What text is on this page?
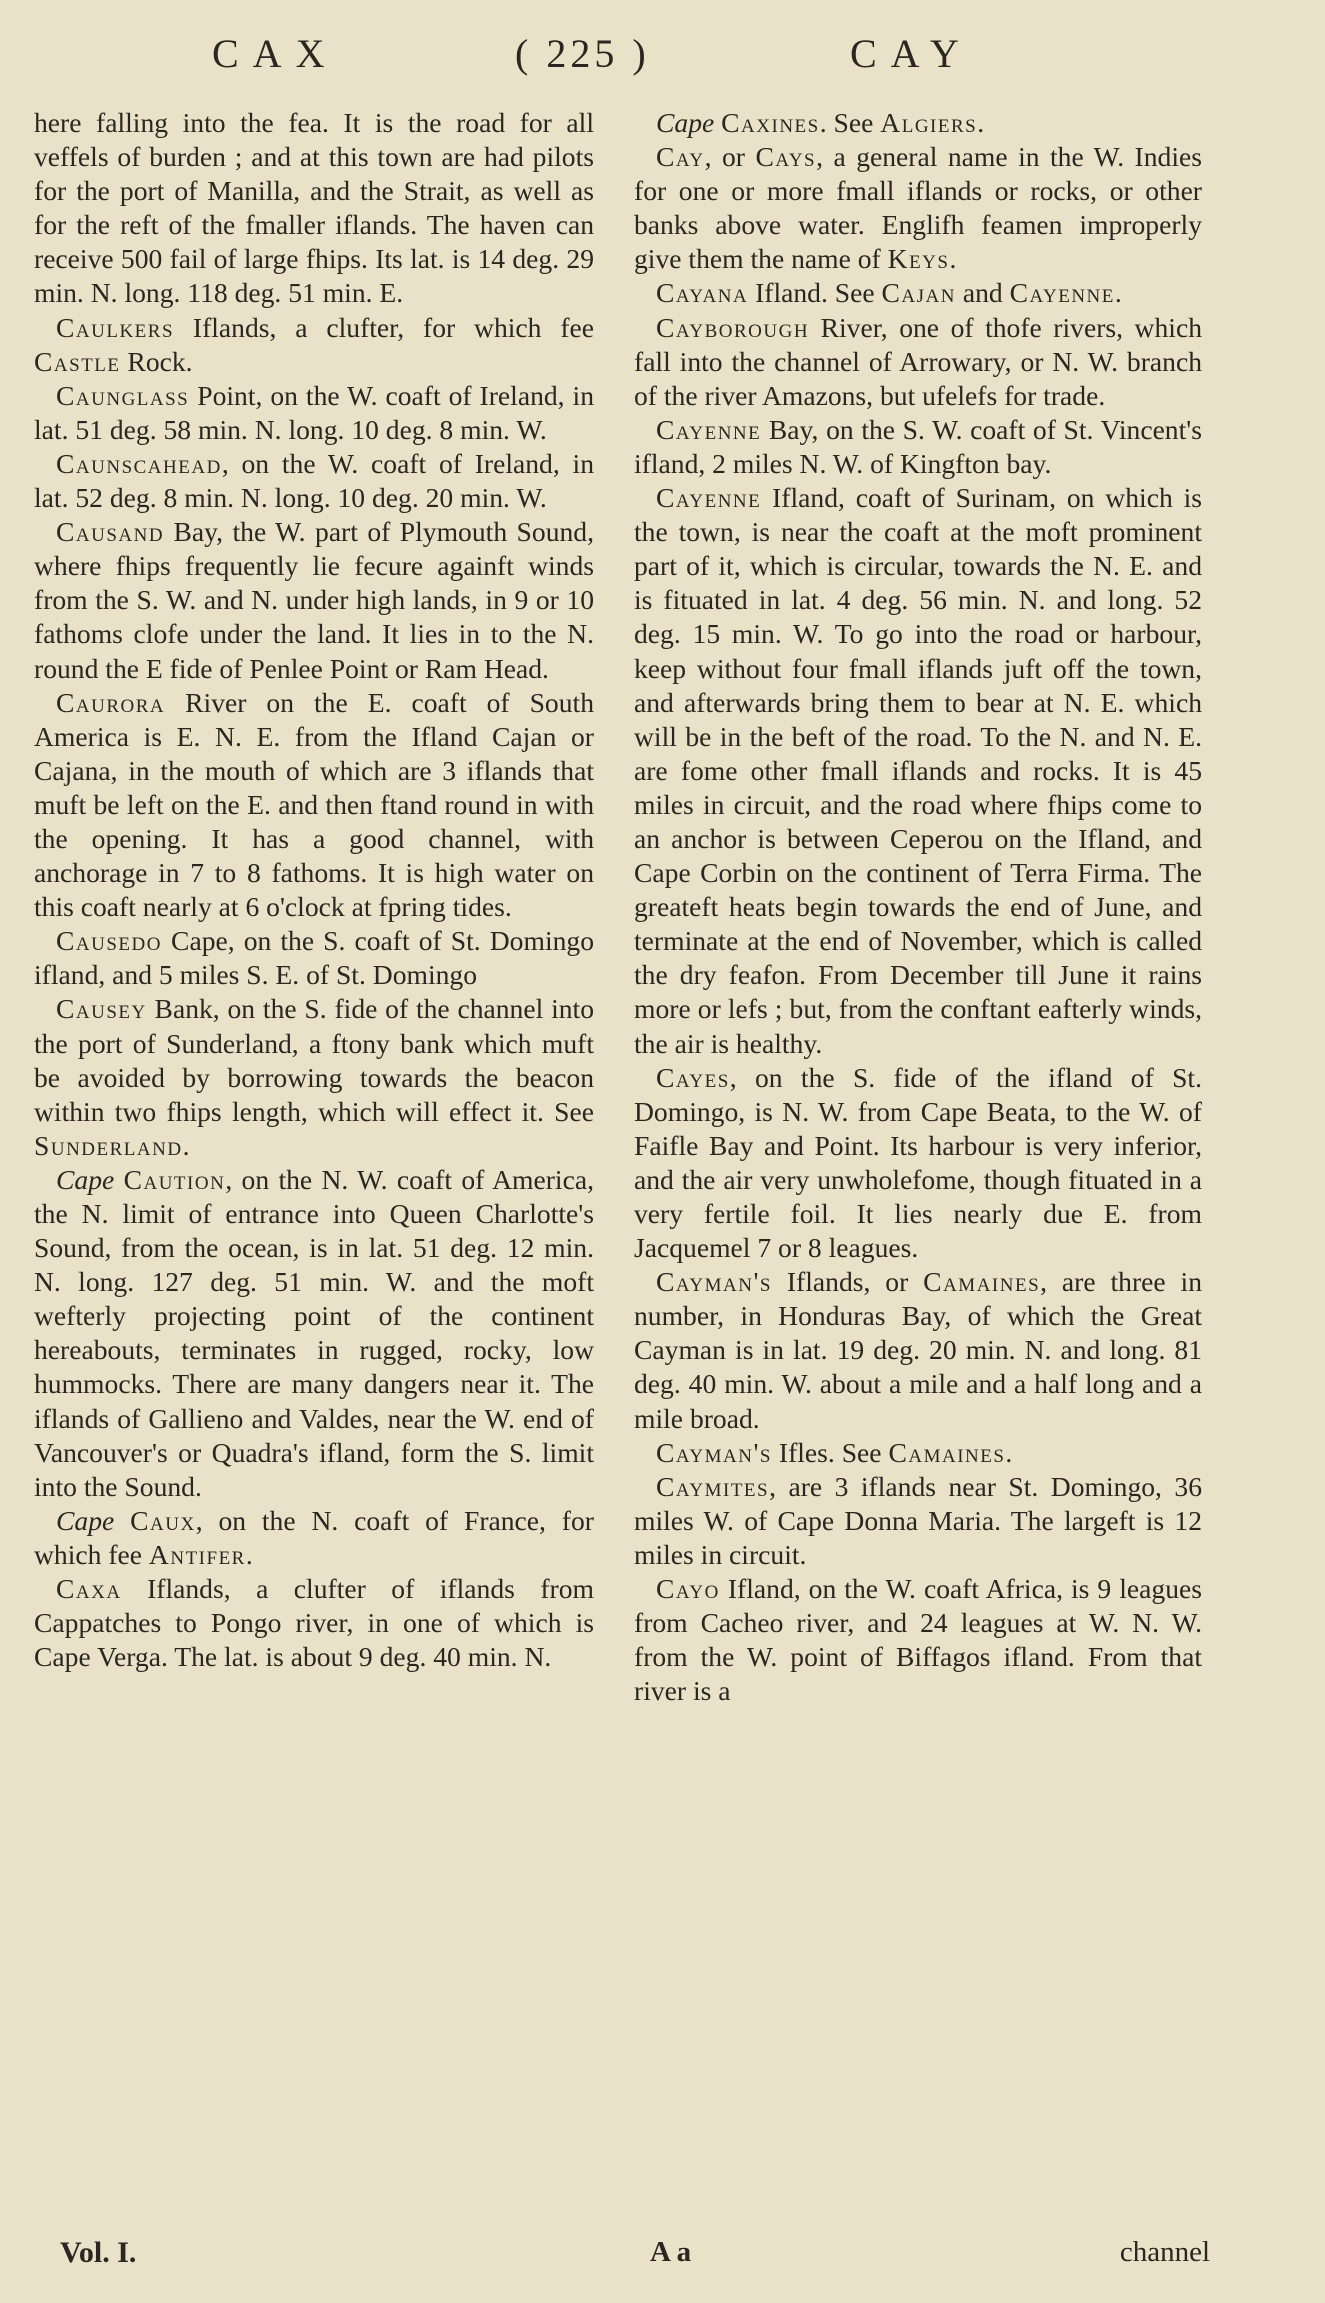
CAX	( 225 )	CAY

here falling into the fea. It is the road for all veffels of burden ; and at this town are had pilots for the port of Manilla, and the Strait, as well as for the reft of the fmaller iflands. The haven can receive 500 fail of large fhips. Its lat. is 14 deg. 29 min. N. long. 118 deg. 51 min. E.

Caulkers Iflands, a clufter, for which fee Castle Rock.

Caunglass Point, on the W. coaft of Ireland, in lat. 51 deg. 58 min. N. long. 10 deg. 8 min. W.

Caunscahead, on the W. coaft of Ireland, in lat. 52 deg. 8 min. N. long. 10 deg. 20 min. W.

Causand Bay, the W. part of Plymouth Sound, where fhips frequently lie fecure againft winds from the S. W. and N. under high lands, in 9 or 10 fathoms clofe under the land. It lies in to the N. round the E fide of Penlee Point or Ram Head.

Caurora River on the E. coaft of South America is E. N. E. from the Ifland Cajan or Cajana, in the mouth of which are 3 iflands that muft be left on the E. and then ftand round in with the opening. It has a good channel, with anchorage in 7 to 8 fathoms. It is high water on this coaft nearly at 6 o'clock at fpring tides.

Causedo Cape, on the S. coaft of St. Domingo ifland, and 5 miles S. E. of St. Domingo

Causey Bank, on the S. fide of the channel into the port of Sunderland, a ftony bank which muft be avoided by borrowing towards the beacon within two fhips length, which will effect it. See Sunderland.

Cape Caution, on the N. W. coaft of America, the N. limit of entrance into Queen Charlotte's Sound, from the ocean, is in lat. 51 deg. 12 min. N. long. 127 deg. 51 min. W. and the moft wefterly projecting point of the continent hereabouts, terminates in rugged, rocky, low hummocks. There are many dangers near it. The iflands of Gallieno and Valdes, near the W. end of Vancouver's or Quadra's ifland, form the S. limit into the Sound.

Cape Caux, on the N. coaft of France, for which fee Antifer.

Caxa Iflands, a clufter of iflands from Cappatches to Pongo river, in one of which is Cape Verga. The lat. is about 9 deg. 40 min. N.

Cape Caxines. See Algiers.

Cay, or Cays, a general name in the W. Indies for one or more fmall iflands or rocks, or other banks above water. Englifh feamen improperly give them the name of Keys.

Cayana Ifland. See Cajan and Cayenne.

Cayborough River, one of thofe rivers, which fall into the channel of Arrowary, or N. W. branch of the river Amazons, but ufelefs for trade.

Cayenne Bay, on the S. W. coaft of St. Vincent's ifland, 2 miles N. W. of Kingfton bay.

Cayenne Ifland, coaft of Surinam, on which is the town, is near the coaft at the moft prominent part of it, which is circular, towards the N. E. and is fituated in lat. 4 deg. 56 min. N. and long. 52 deg. 15 min. W. To go into the road or harbour, keep without four fmall iflands juft off the town, and afterwards bring them to bear at N. E. which will be in the beft of the road. To the N. and N. E. are fome other fmall iflands and rocks. It is 45 miles in circuit, and the road where fhips come to an anchor is between Ceperou on the Ifland, and Cape Corbin on the continent of Terra Firma. The greateft heats begin towards the end of June, and terminate at the end of November, which is called the dry feafon. From December till June it rains more or lefs ; but, from the conftant eafterly winds, the air is healthy.

Cayes, on the S. fide of the ifland of St. Domingo, is N. W. from Cape Beata, to the W. of Faifle Bay and Point. Its harbour is very inferior, and the air very unwholefome, though fituated in a very fertile foil. It lies nearly due E. from Jacquemel 7 or 8 leagues.

Cayman's Iflands, or Camaines, are three in number, in Honduras Bay, of which the Great Cayman is in lat. 19 deg. 20 min. N. and long. 81 deg. 40 min. W. about a mile and a half long and a mile broad.

Cayman's Ifles. See Camaines.

Caymites, are 3 iflands near St. Domingo, 36 miles W. of Cape Donna Maria. The largeft is 12 miles in circuit.

Cayo Ifland, on the W. coaft Africa, is 9 leagues from Cacheo river, and 24 leagues at W. N. W. from the W. point of Biffagos ifland. From that river is a

Vol. I.	A a	channel
